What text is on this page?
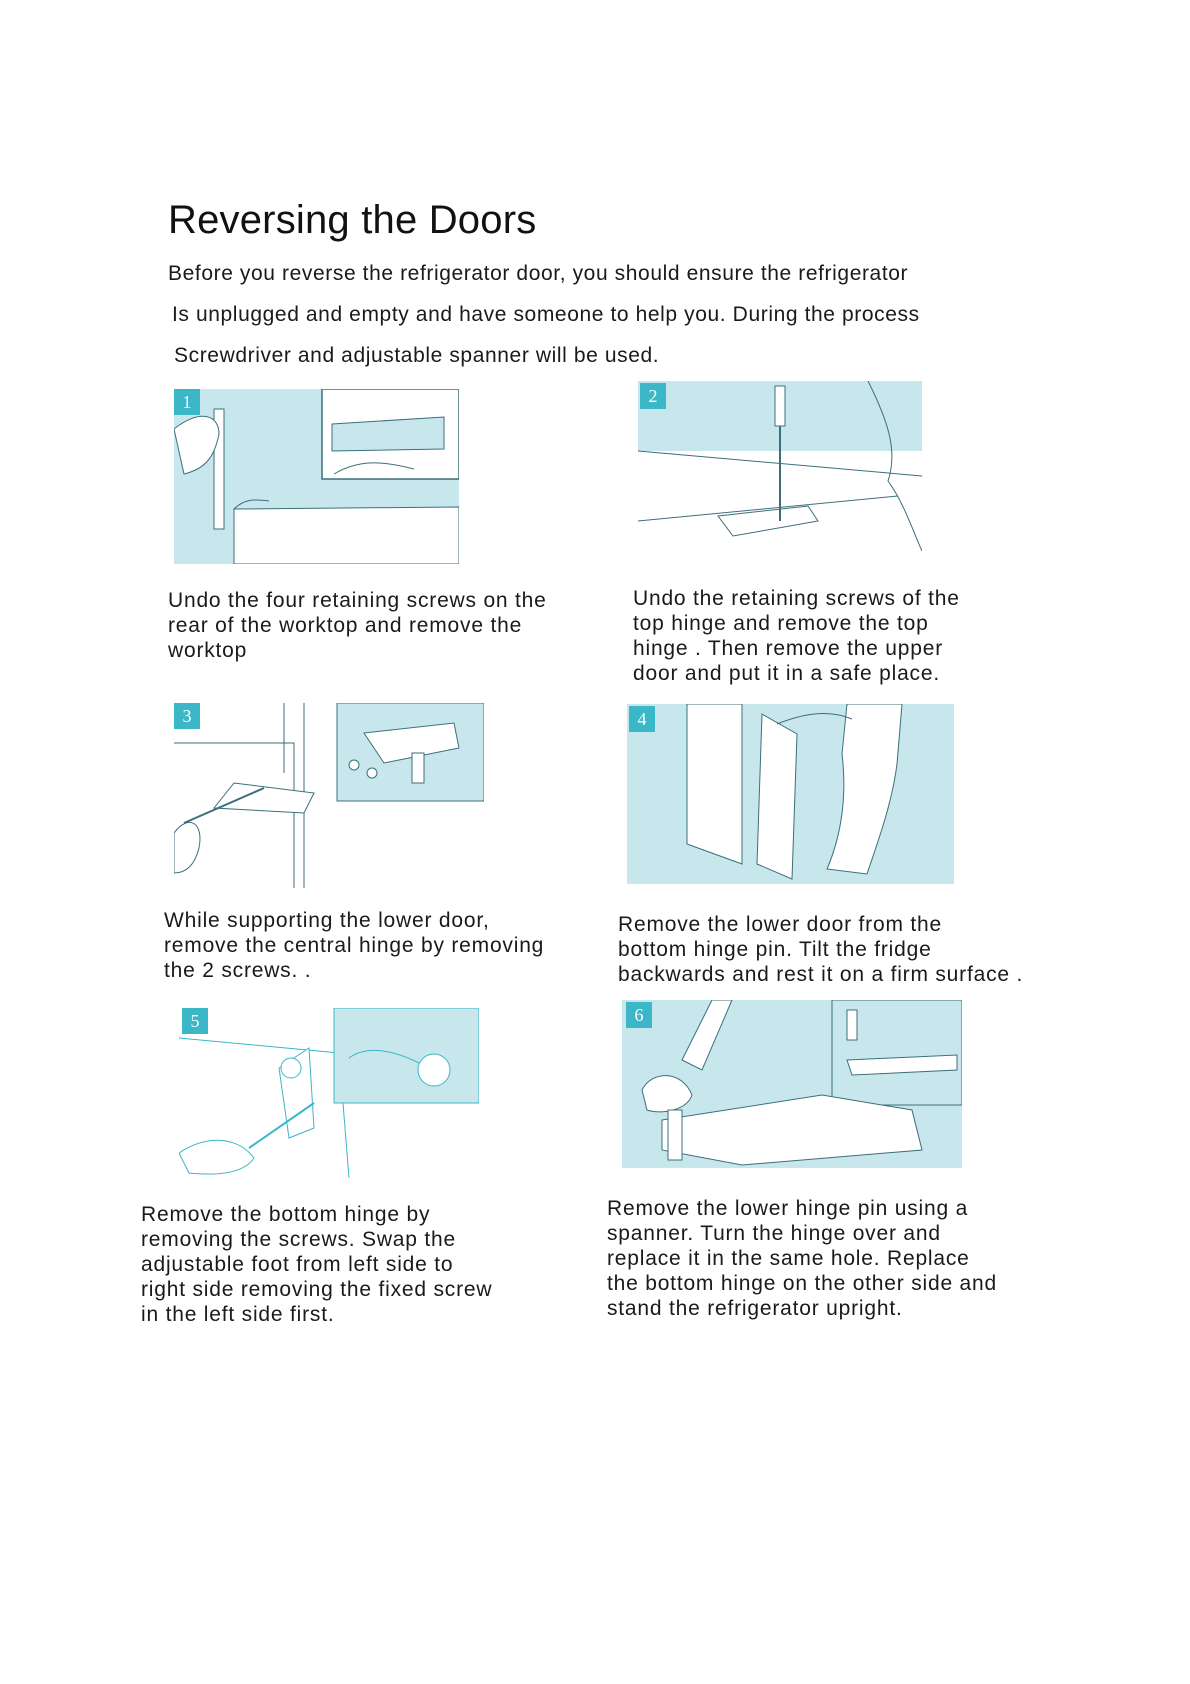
Reversing the Doors

Before you reverse the refrigerator door, you should ensure the refrigerator

Is unplugged and empty and have someone to help you. During the process

Screwdriver and adjustable spanner will be used.

1	2

Undo the four retaining screws on the
rear of the worktop and remove the
worktop

Undo the retaining screws of the
top hinge and remove the top
hinge . Then remove the upper
door and put it in a safe place.

3	4

While supporting the lower door,
remove the central hinge by removing
the 2 screws. .

Remove the lower door from the
bottom hinge pin. Tilt the fridge
backwards and rest it on a firm surface .

5	6

Remove the bottom hinge by
removing the screws. Swap the
adjustable foot from left side to
right side removing the fixed screw
in the left side first.

Remove the lower hinge pin using a
spanner. Turn the hinge over and
replace it in the same hole. Replace
the bottom hinge on the other side and
stand the refrigerator upright.
